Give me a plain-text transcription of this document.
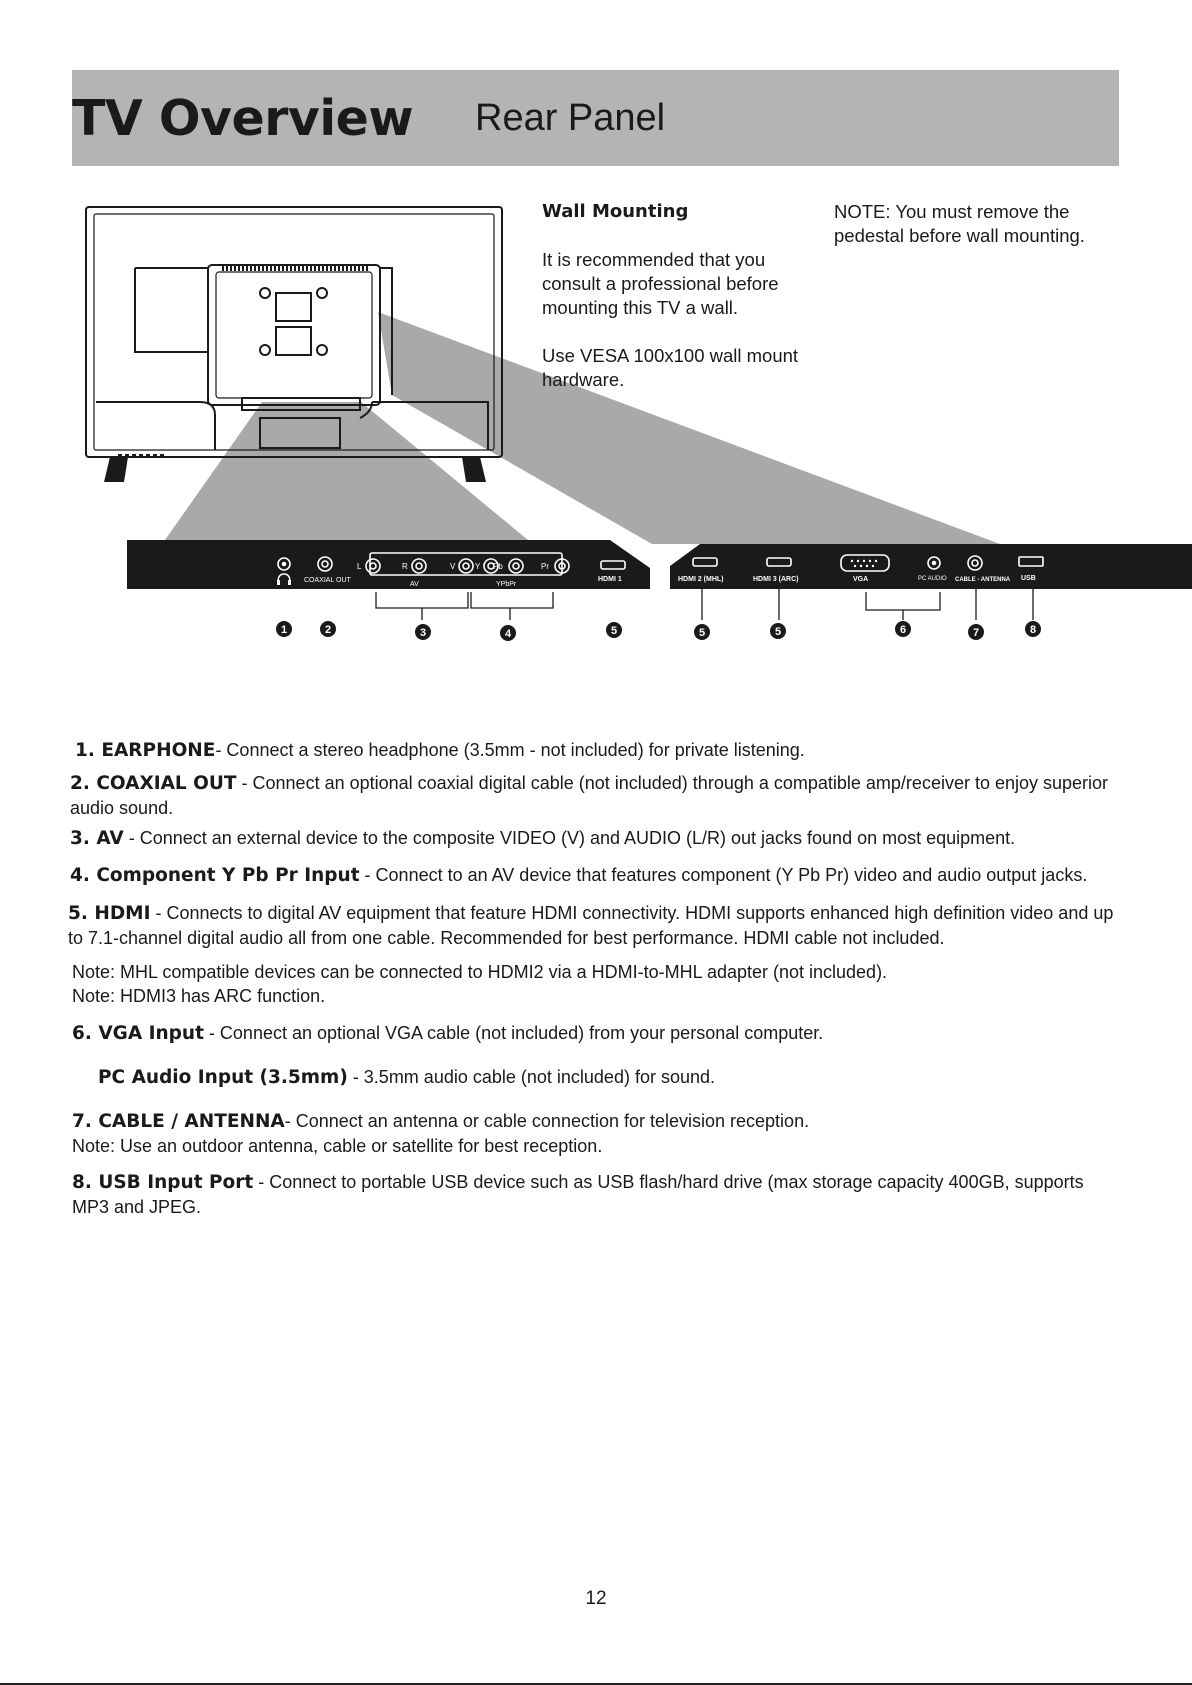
TV Overview Rear Panel
COAXIAL OUT
L	R	V Y Pb	Pr
AV	YPbPr
HDMI 1	HDMI 2 (MHL)	HDMI 3 (ARC)	VGA	PC AUDIO CABLE - ANTENNA USB
1	2	3	4	5	5	5	6	7	8
Wall Mounting

It is recommended that you consult a professional before mounting this TV a wall.

Use VESA 100x100 wall mount hardware.

NOTE: You must remove the pedestal before wall mounting.

1. EARPHONE- Connect a stereo headphone (3.5mm - not included) for private listening.

2. COAXIAL OUT - Connect an optional coaxial digital cable (not included) through a compatible amp/receiver to enjoy superior audio sound.

3. AV - Connect an external device to the composite VIDEO (V) and AUDIO (L/R) out jacks found on most equipment.

4. Component Y Pb Pr Input - Connect to an AV device that features component (Y Pb Pr) video and audio output jacks.

5. HDMI - Connects to digital AV equipment that feature HDMI connectivity. HDMI supports enhanced high definition video and up to 7.1-channel digital audio all from one cable. Recommended for best performance. HDMI cable not included.

Note: MHL compatible devices can be connected to HDMI2 via a HDMI-to-MHL adapter (not included).
Note: HDMI3 has ARC function.

6. VGA Input - Connect an optional VGA cable (not included) from your personal computer.

PC Audio Input (3.5mm) - 3.5mm audio cable (not included) for sound.

7. CABLE / ANTENNA- Connect an antenna or cable connection for television reception.
Note: Use an outdoor antenna, cable or satellite for best reception.

8. USB Input Port - Connect to portable USB device such as USB flash/hard drive (max storage capacity 400GB, supports MP3 and JPEG.

12
